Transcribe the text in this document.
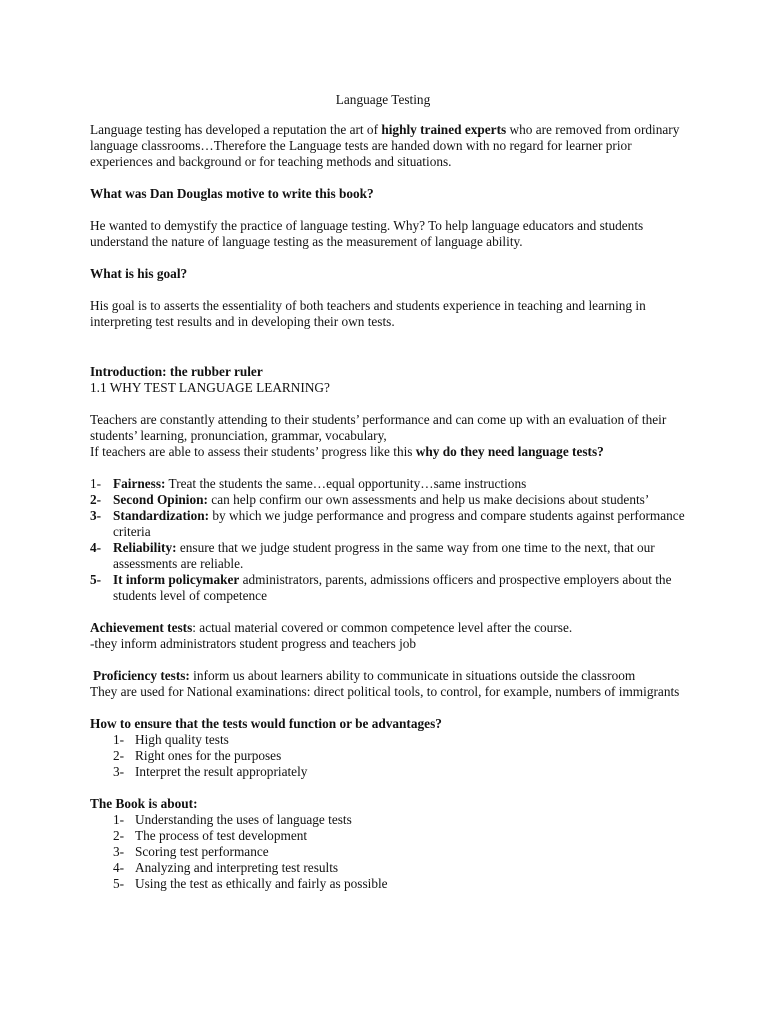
Language Testing

Language testing has developed a reputation the art of highly trained experts who are removed from ordinary language classrooms…Therefore the Language tests are handed down with no regard for learner prior experiences and background or for teaching methods and situations.

What was Dan Douglas motive to write this book?

He wanted to demystify the practice of language testing. Why? To help language educators and students understand the nature of language testing as the measurement of language ability.

What is his goal?

His goal is to asserts the essentiality of both teachers and students experience in teaching and learning in interpreting test results and in developing their own tests.

Introduction: the rubber ruler

1.1 WHY TEST LANGUAGE LEARNING?

Teachers are constantly attending to their students’ performance and can come up with an evaluation of their students’ learning, pronunciation, grammar, vocabulary,

If teachers are able to assess their students’ progress like this why do they need language tests?

1- Fairness: Treat the students the same…equal opportunity…same instructions
2- Second Opinion: can help confirm our own assessments and help us make decisions about students’
3- Standardization: by which we judge performance and progress and compare students against performance criteria
4- Reliability: ensure that we judge student progress in the same way from one time to the next, that our assessments are reliable.
5- It inform policymaker administrators, parents, admissions officers and prospective employers about the students level of competence

Achievement tests: actual material covered or common competence level after the course.

-they inform administrators student progress and teachers job

Proficiency tests: inform us about learners ability to communicate in situations outside the classroom

They are used for National examinations: direct political tools, to control, for example, numbers of immigrants

How to ensure that the tests would function or be advantages?

1- High quality tests
2- Right ones for the purposes
3- Interpret the result appropriately

The Book is about:

1- Understanding the uses of language tests
2- The process of test development
3- Scoring test performance
4- Analyzing and interpreting test results
5- Using the test as ethically and fairly as possible
